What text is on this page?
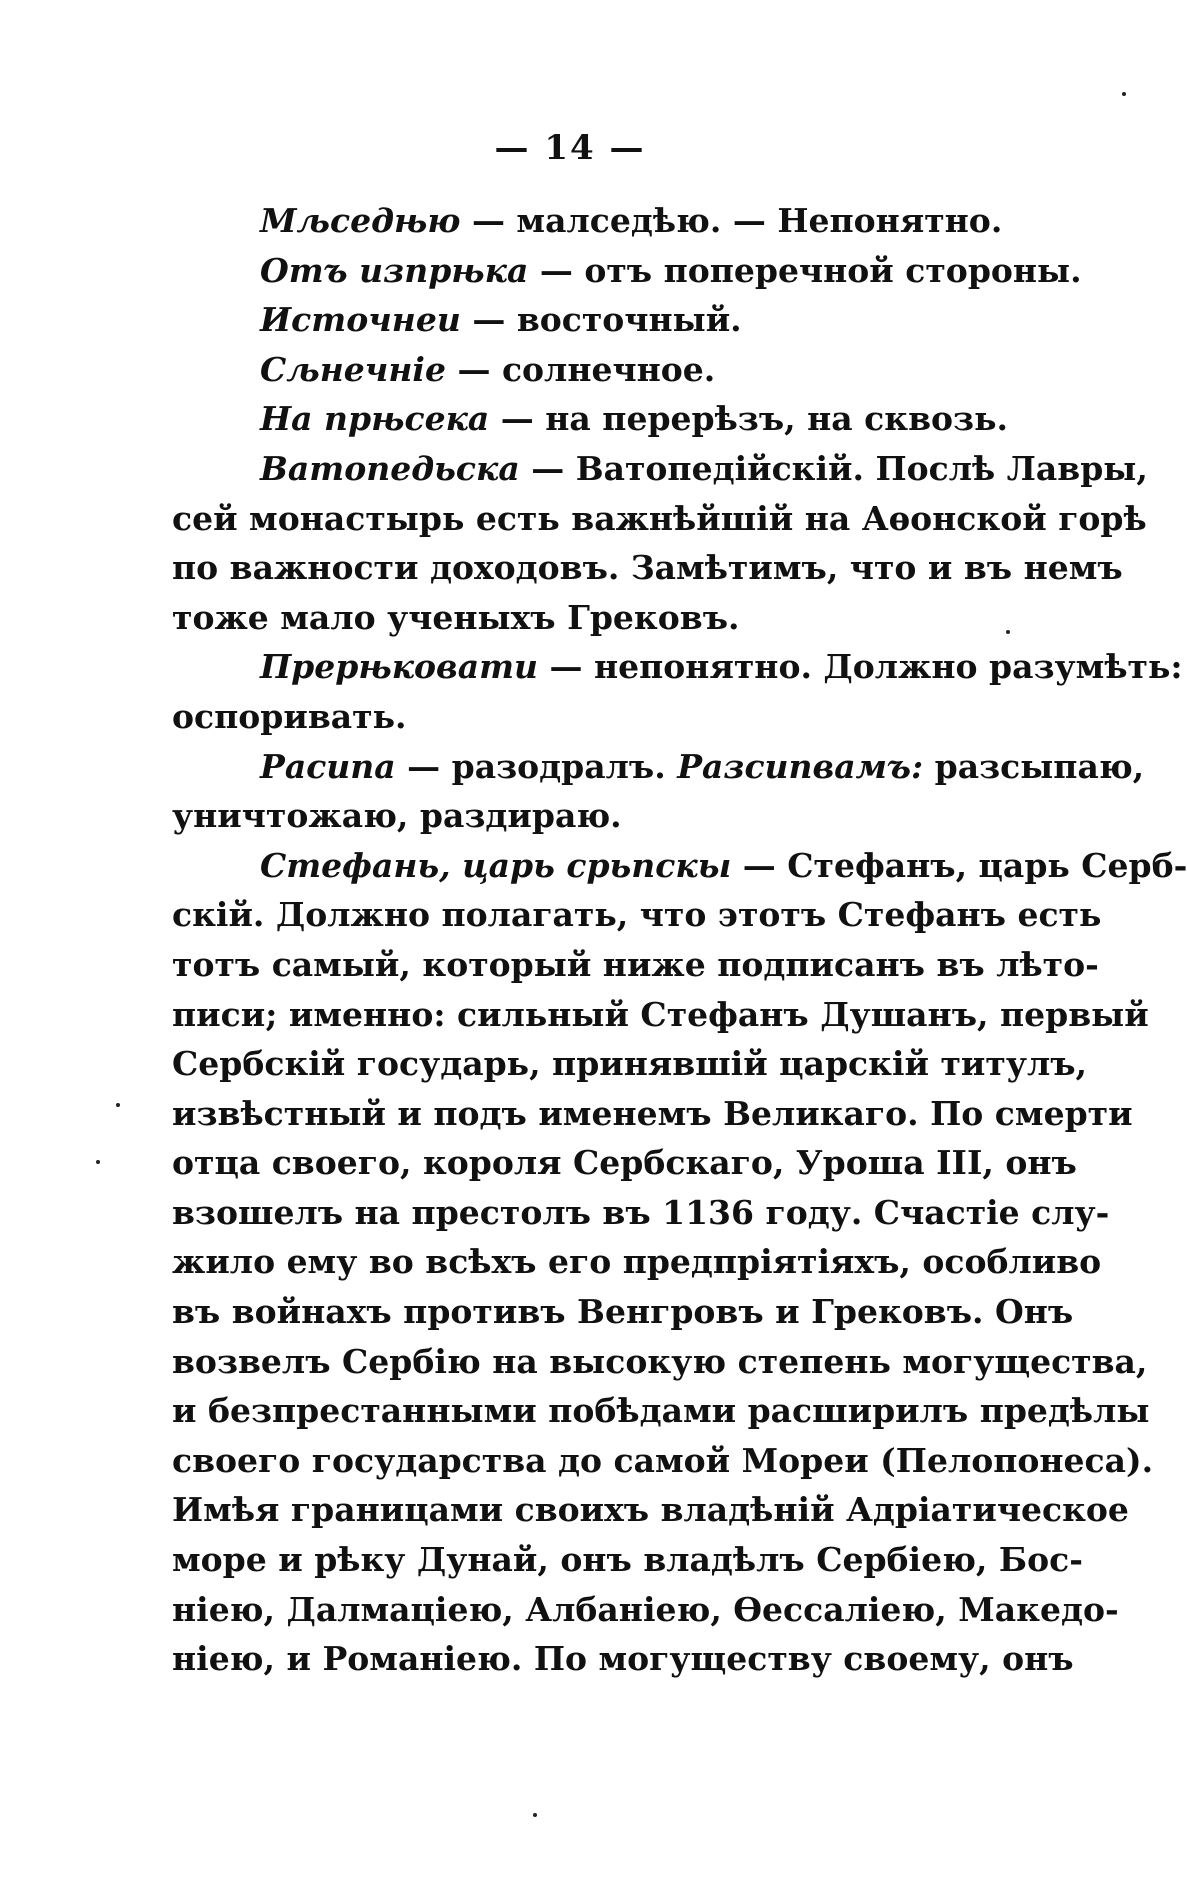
— 14 —
Мљседњю — малседѣю. — Непонятно.
Отъ изпрњка — отъ поперечной стороны.
Источнеи — восточный.
Сљнечніе — солнечное.
На прњсека — на перерѣзъ, на сквозь.
Ватопедьска — Ватопедійскій. Послѣ Лавры,
сей монастырь есть важнѣйшій на Аѳонской горѣ
по важности доходовъ. Замѣтимъ, что и въ немъ
тоже мало ученыхъ Грековъ.
Прерњковати — непонятно. Должно разумѣть:
оспоривать.
Расипа — разодралъ. Разсипвамъ: разсыпаю,
уничтожаю, раздираю.
Стефань, царь срьпскы — Стефанъ, царь Серб-
скій. Должно полагать, что этотъ Стефанъ есть
тотъ самый, который ниже подписанъ въ лѣто-
писи; именно: сильный Стефанъ Душанъ, первый
Сербскій государь, принявшій царскій титулъ,
извѣстный и подъ именемъ Великаго. По смерти
отца своего, короля Сербскаго, Уроша III, онъ
взошелъ на престолъ въ 1136 году. Счастіе слу-
жило ему во всѣхъ его предпріятіяхъ, особливо
въ войнахъ противъ Венгровъ и Грековъ. Онъ
возвелъ Сербію на высокую степень могущества,
и безпрестанными побѣдами расширилъ предѣлы
своего государства до самой Мореи (Пелопонеса).
Имѣя границами своихъ владѣній Адріатическое
море и рѣку Дунай, онъ владѣлъ Сербіею, Бос-
ніею, Далмаціею, Албаніею, Ѳессаліею, Македо-
ніею, и Романіею. По могуществу своему, онъ
